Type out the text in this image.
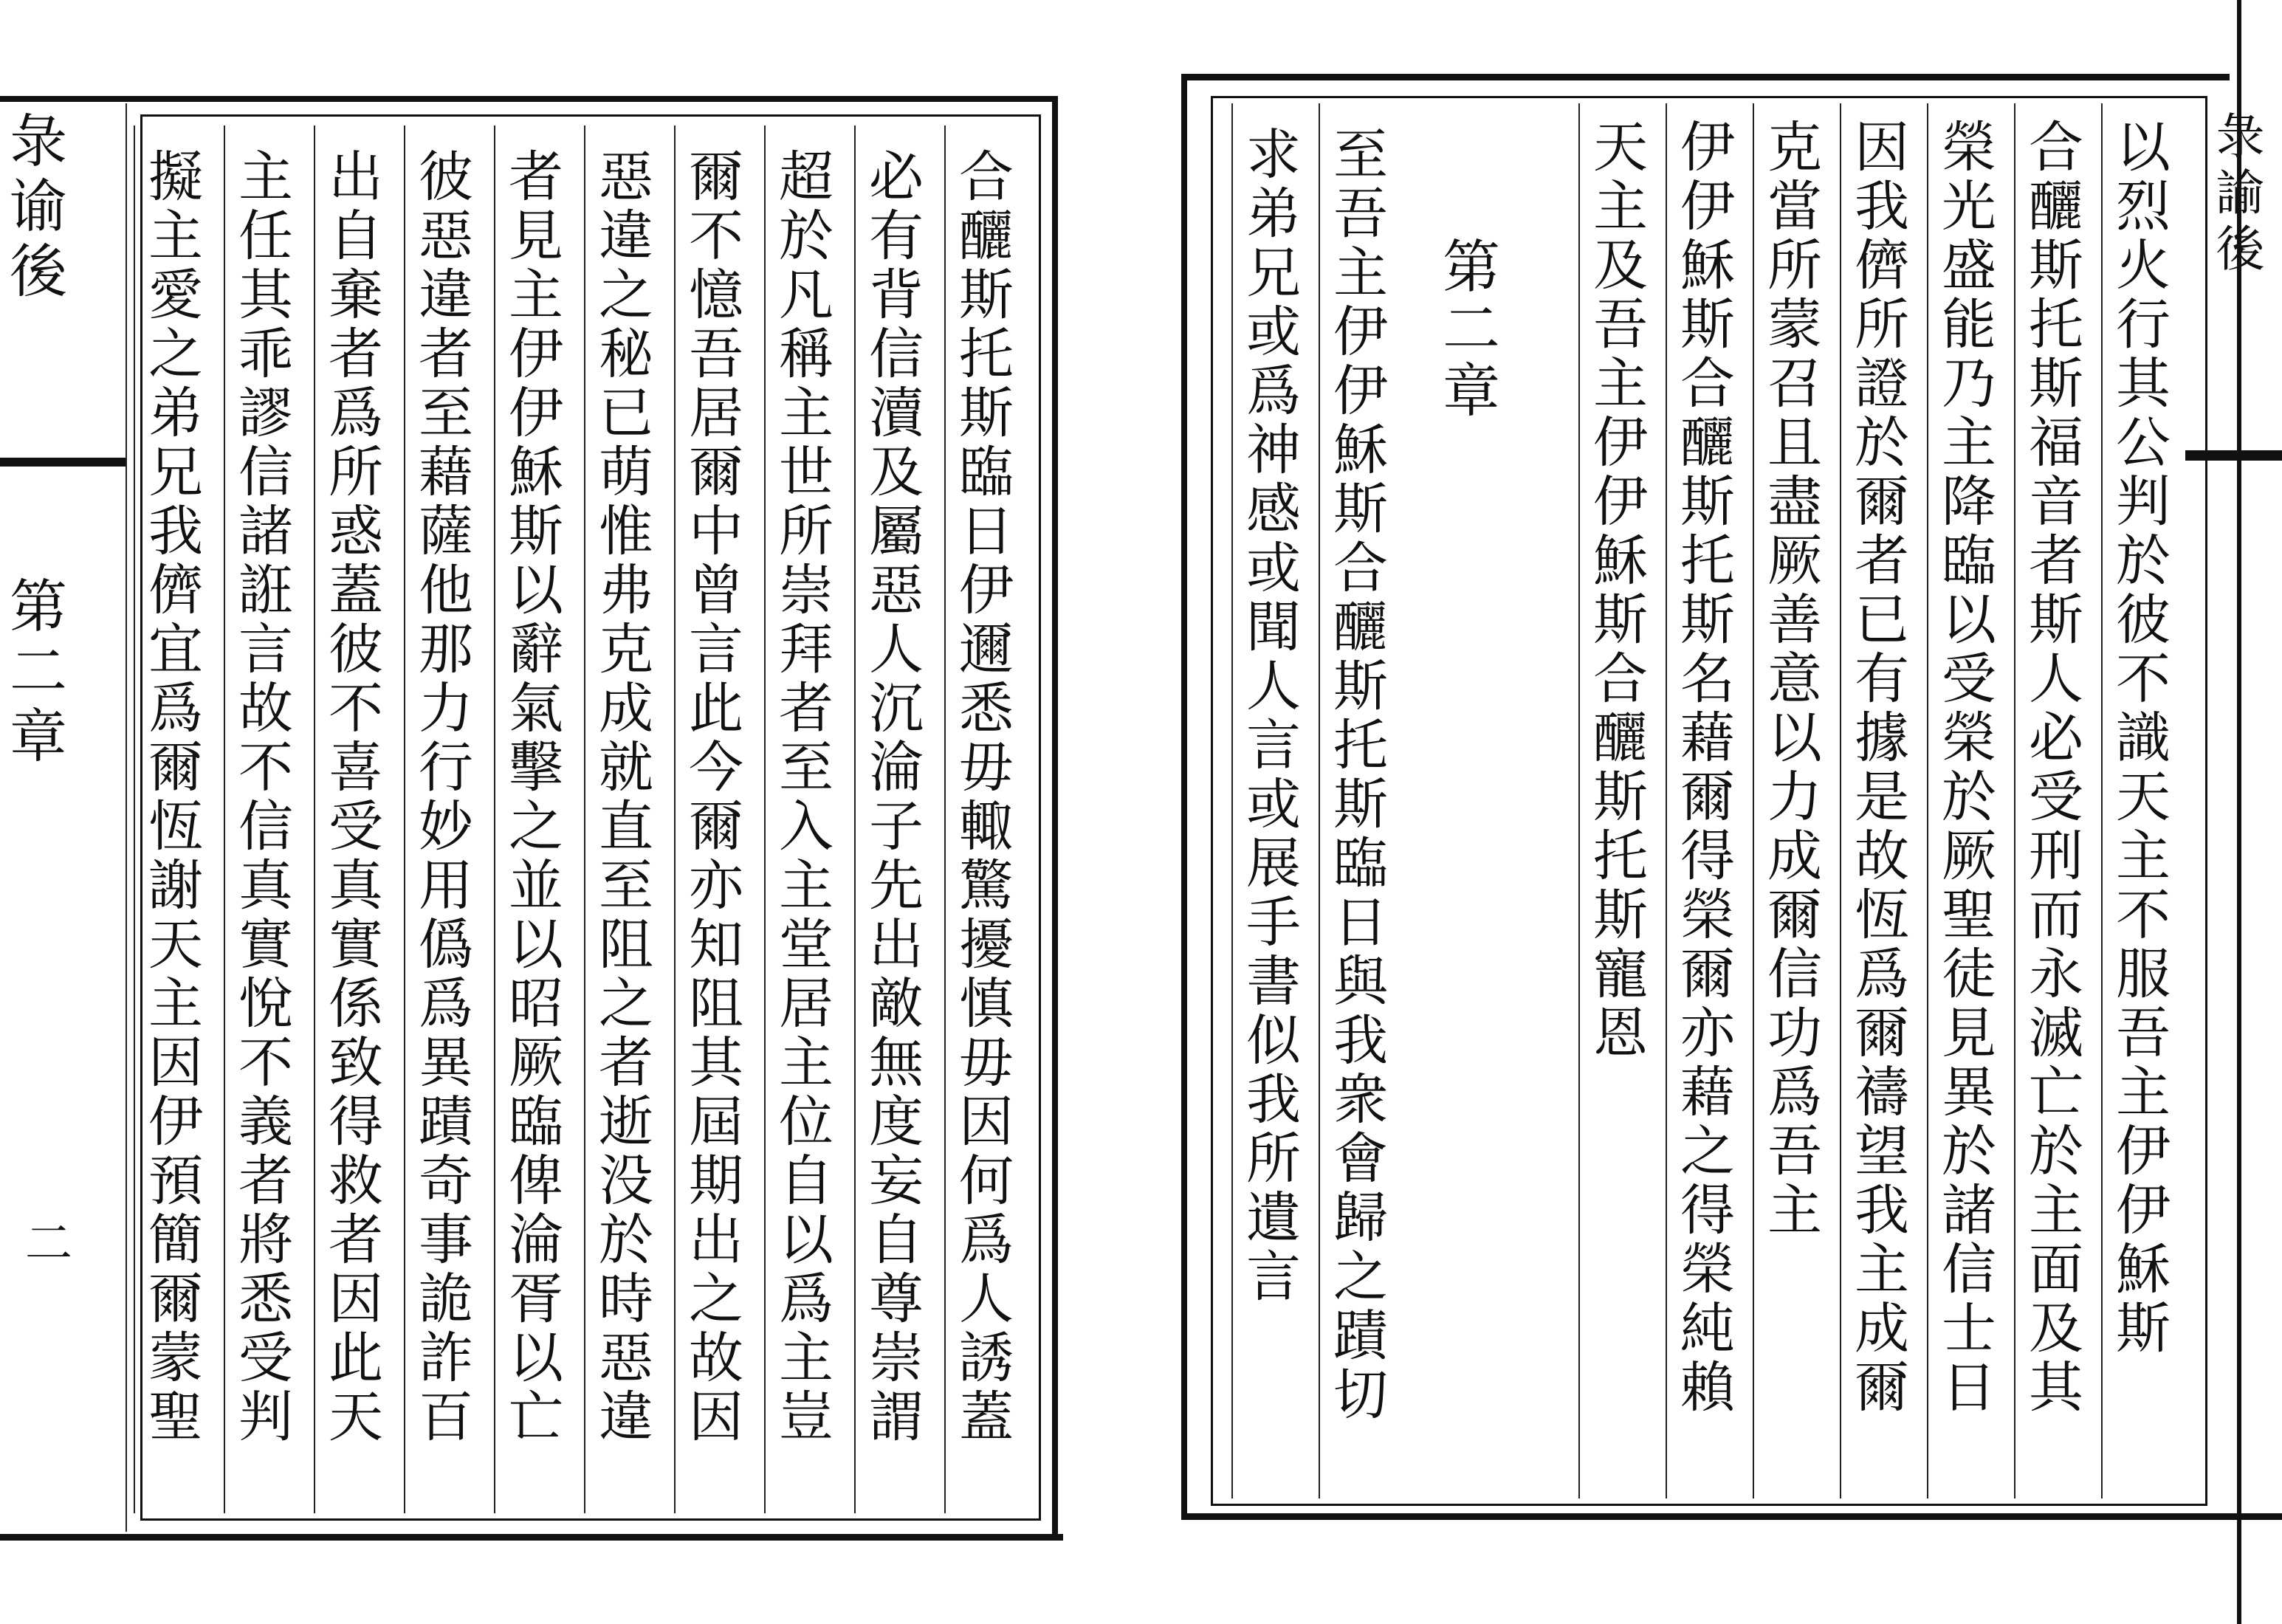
彔谕後
第二章
二	合釃斯托斯臨日伊邇悉毋輙驚擾慎毋因何爲人誘蓋
必有背信瀆及屬惡人沉淪子先出敵無度妄自尊崇謂
超於凡稱主世所崇拜者至入主堂居主位自以爲主豈
爾不憶吾居爾中曾言此今爾亦知阻其屆期出之故因
惡違之秘已萌惟弗克成就直至阻之者逝没於時惡違
者見主伊伊穌斯以辭氣擊之並以昭厥臨俾淪胥以亡
彼惡違者至藉薩他那力行妙用僞爲異蹟奇事詭詐百
出自棄者爲所惑蓋彼不喜受真實係致得救者因此天
主任其乖謬信諸誑言故不信真實悅不義者將悉受判
擬主愛之弟兄我儕宜爲爾恆謝天主因伊預簡爾蒙聖	彔諭後
第二章	以烈火行其公判於彼不識天主不服吾主伊伊穌斯
合釃斯托斯福音者斯人必受刑而永滅亡於主面及其
榮光盛能乃主降臨以受榮於厥聖徒見異於諸信士日
因我儕所證於爾者已有據是故恆爲爾禱望我主成爾
克當所蒙召且盡厥善意以力成爾信功爲吾主
伊伊穌斯合釃斯托斯名藉爾得榮爾亦藉之得榮純賴
天主及吾主伊伊穌斯合釃斯托斯寵恩
至吾主伊伊穌斯合釃斯托斯臨日與我衆會歸之蹟切
求弟兄或爲神感或聞人言或展手書似我所遺言
